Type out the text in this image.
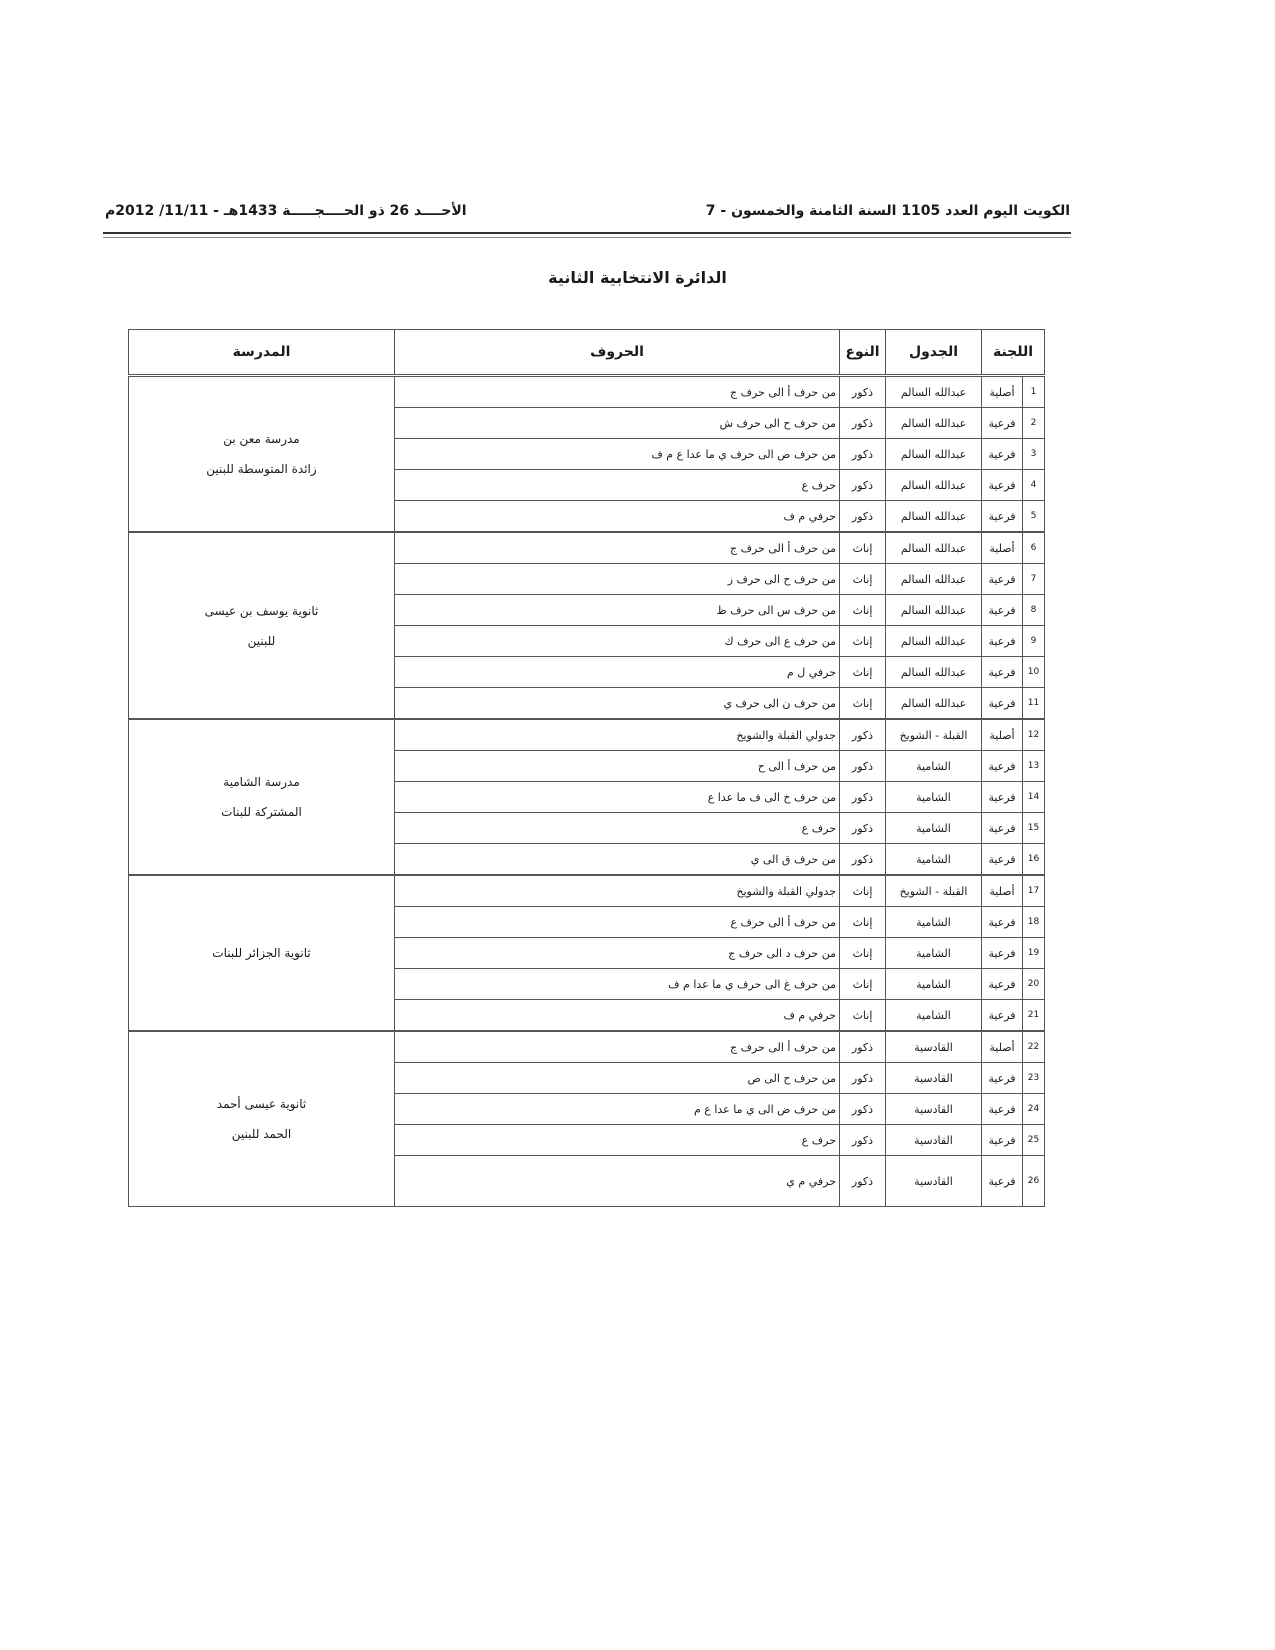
الكويت اليوم العدد 1105 السنة الثامنة والخمسون - 7
الأحــــد 26 ذو الحــــجـــــة 1433هـ - 11/11/ 2012م
الدائرة الانتخابية الثانية
اللجنة		الجدول	النوع	الحروف	المدرسة
1	أصلية	عبدالله السالم	ذكور	من حرف أ الى حرف ج	مدرسة معن بن
زائدة المتوسطة للبنين

2	فرعية	عبدالله السالم	ذكور	من حرف ح الى حرف ش	
3	فرعية	عبدالله السالم	ذكور	من حرف ص الى حرف ي ما عدا ع م ف	
4	فرعية	عبدالله السالم	ذكور	حرف ع	
5	فرعية	عبدالله السالم	ذكور	حرفي م ف	
6	أصلية	عبدالله السالم	إناث	من حرف أ الى حرف ج	ثانوية يوسف بن عيسى
للبنين

7	فرعية	عبدالله السالم	إناث	من حرف ح الى حرف ز	
8	فرعية	عبدالله السالم	إناث	من حرف س الى حرف ظ	
9	فرعية	عبدالله السالم	إناث	من حرف ع الى حرف ك	
10	فرعية	عبدالله السالم	إناث	حرفي ل م	
11	فرعية	عبدالله السالم	إناث	من حرف ن الى حرف ي	
12	أصلية	القبلة - الشويخ	ذكور	جدولي القبلة والشويخ	مدرسة الشامية
المشتركة للبنات

13	فرعية	الشامية	ذكور	من حرف أ الى ح	
14	فرعية	الشامية	ذكور	من حرف خ الى ف ما عدا ع	
15	فرعية	الشامية	ذكور	حرف ع	
16	فرعية	الشامية	ذكور	من حرف ق الى ي	
17	أصلية	القبلة - الشويخ	إناث	جدولي القبلة والشويخ	ثانوية الجزائر للبنات

18	فرعية	الشامية	إناث	من حرف أ الى حرف ع	
19	فرعية	الشامية	إناث	من حرف د الى حرف ج	
20	فرعية	الشامية	إناث	من حرف غ الى حرف ي ما عدا م ف	
21	فرعية	الشامية	إناث	حرفي م ف	
22	أصلية	القادسية	ذكور	من حرف أ الى حرف ج	ثانوية عيسى أحمد
الحمد للبنين

23	فرعية	القادسية	ذكور	من حرف ح الى ص	
24	فرعية	القادسية	ذكور	من حرف ض الى ي ما عدا ع م	
25	فرعية	القادسية	ذكور	حرف ع	
26	فرعية	القادسية	ذكور	حرفي م ي	
